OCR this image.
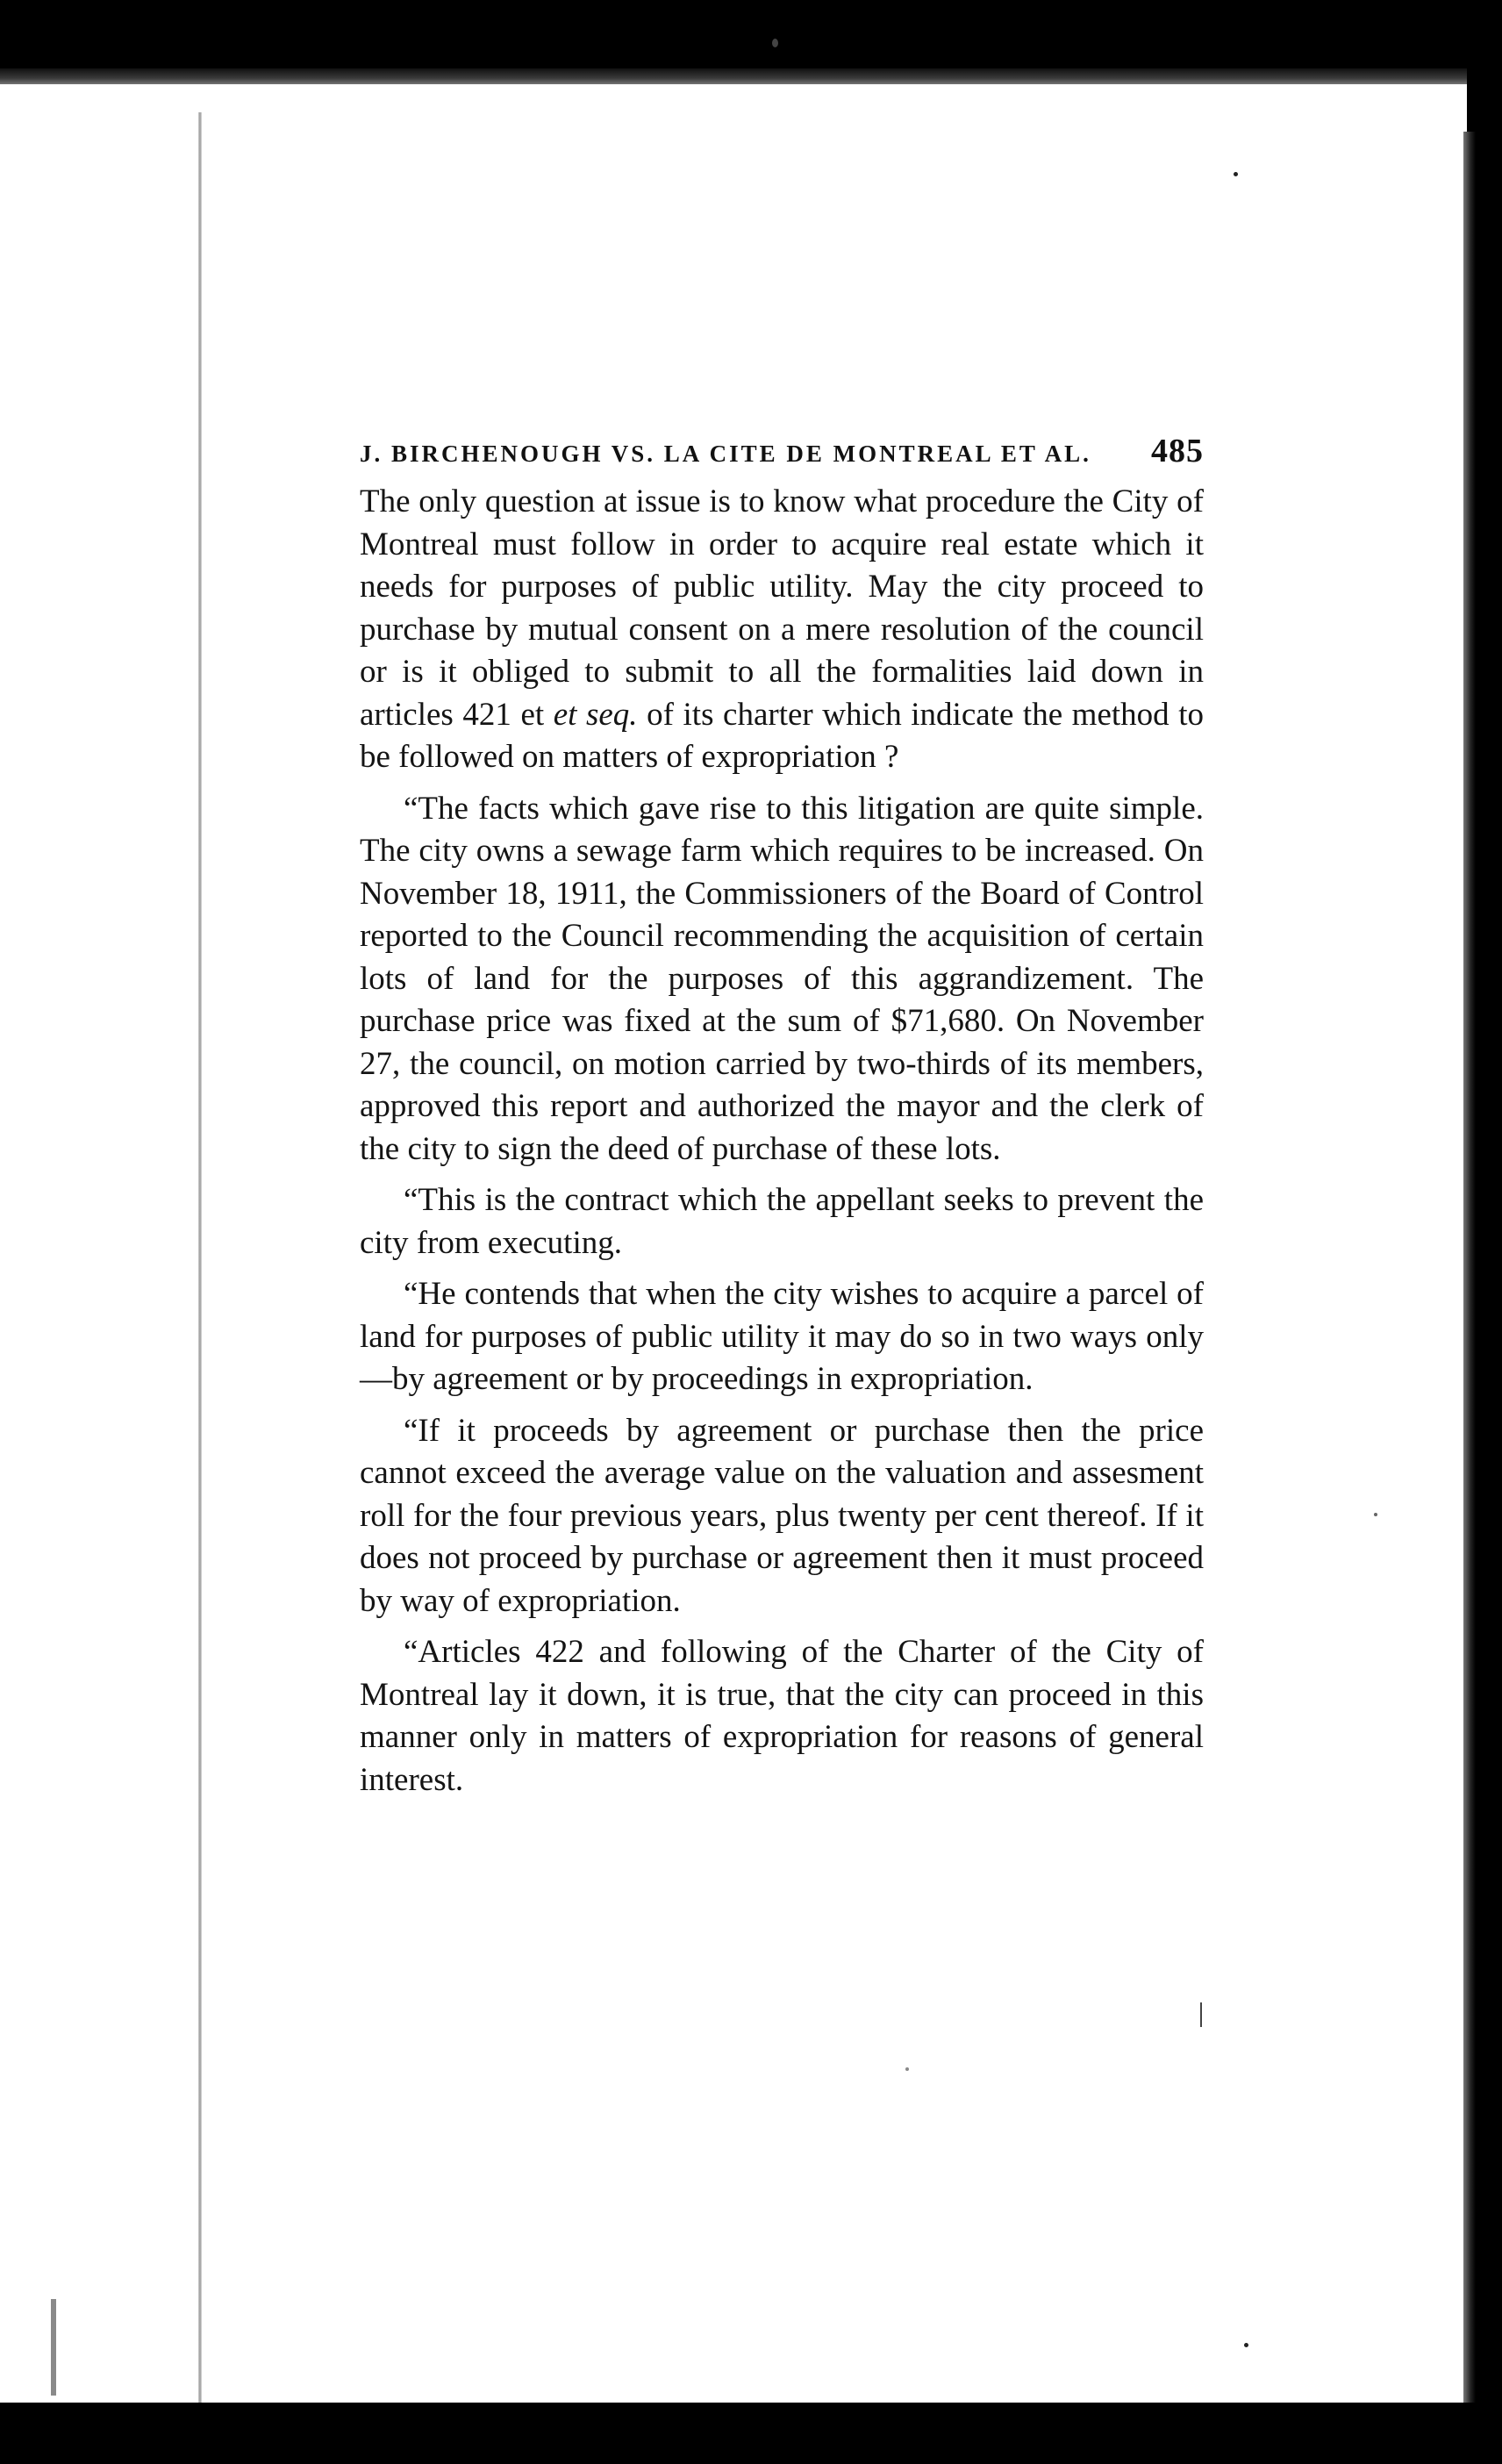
J. BIRCHENOUGH VS. LA CITE DE MONTREAL ET AL. 485

The only question at issue is to know what procedure the City of Montreal must follow in order to acquire real estate which it needs for purposes of public utility. May the city proceed to purchase by mutual consent on a mere resolution of the council or is it obliged to submit to all the formalities laid down in articles 421 et et seq. of its charter which indicate the method to be followed on matters of expropriation ?

“The facts which gave rise to this litigation are quite simple. The city owns a sewage farm which requires to be increased. On November 18, 1911, the Commissioners of the Board of Control reported to the Council recommending the acquisition of certain lots of land for the purposes of this aggrandizement. The purchase price was fixed at the sum of $71,680. On November 27, the council, on motion carried by two-thirds of its members, approved this report and authorized the mayor and the clerk of the city to sign the deed of purchase of these lots.

“This is the contract which the appellant seeks to prevent the city from executing.

“He contends that when the city wishes to acquire a parcel of land for purposes of public utility it may do so in two ways only—by agreement or by proceedings in expropriation.

“If it proceeds by agreement or purchase then the price cannot exceed the average value on the valuation and assesment roll for the four previous years, plus twenty per cent thereof. If it does not proceed by purchase or agreement then it must proceed by way of expropriation.

“Articles 422 and following of the Charter of the City of Montreal lay it down, it is true, that the city can proceed in this manner only in matters of expropriation for reasons of general interest.
